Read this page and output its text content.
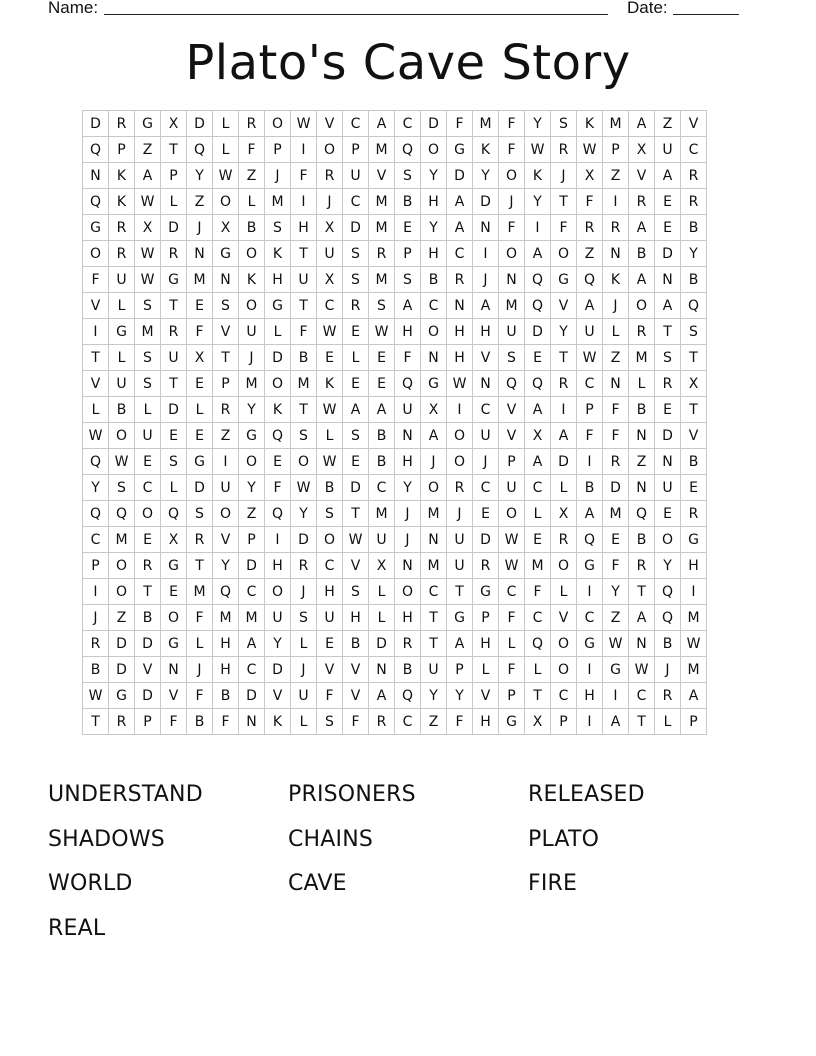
Name:	Date:
Plato's Cave Story
D	R	G	X	D	L	R	O	W	V	C	A	C	D	F	M	F	Y	S	K	M	A	Z	V
Q	P	Z	T	Q	L	F	P	I	O	P	M	Q	O	G	K	F	W	R	W	P	X	U	C
N	K	A	P	Y	W	Z	J	F	R	U	V	S	Y	D	Y	O	K	J	X	Z	V	A	R
Q	K	W	L	Z	O	L	M	I	J	C	M	B	H	A	D	J	Y	T	F	I	R	E	R
G	R	X	D	J	X	B	S	H	X	D	M	E	Y	A	N	F	I	F	R	R	A	E	B
O	R	W	R	N	G	O	K	T	U	S	R	P	H	C	I	O	A	O	Z	N	B	D	Y
F	U	W	G	M	N	K	H	U	X	S	M	S	B	R	J	N	Q	G	Q	K	A	N	B
V	L	S	T	E	S	O	G	T	C	R	S	A	C	N	A	M	Q	V	A	J	O	A	Q
I	G	M	R	F	V	U	L	F	W	E	W	H	O	H	H	U	D	Y	U	L	R	T	S
T	L	S	U	X	T	J	D	B	E	L	E	F	N	H	V	S	E	T	W	Z	M	S	T
V	U	S	T	E	P	M	O	M	K	E	E	Q	G	W	N	Q	Q	R	C	N	L	R	X
L	B	L	D	L	R	Y	K	T	W	A	A	U	X	I	C	V	A	I	P	F	B	E	T
W	O	U	E	E	Z	G	Q	S	L	S	B	N	A	O	U	V	X	A	F	F	N	D	V
Q	W	E	S	G	I	O	E	O	W	E	B	H	J	O	J	P	A	D	I	R	Z	N	B
Y	S	C	L	D	U	Y	F	W	B	D	C	Y	O	R	C	U	C	L	B	D	N	U	E
Q	Q	O	Q	S	O	Z	Q	Y	S	T	M	J	M	J	E	O	L	X	A	M	Q	E	R
C	M	E	X	R	V	P	I	D	O	W	U	J	N	U	D	W	E	R	Q	E	B	O	G
P	O	R	G	T	Y	D	H	R	C	V	X	N	M	U	R	W	M	O	G	F	R	Y	H
I	O	T	E	M	Q	C	O	J	H	S	L	O	C	T	G	C	F	L	I	Y	T	Q	I
J	Z	B	O	F	M	M	U	S	U	H	L	H	T	G	P	F	C	V	C	Z	A	Q	M
R	D	D	G	L	H	A	Y	L	E	B	D	R	T	A	H	L	Q	O	G	W	N	B	W
B	D	V	N	J	H	C	D	J	V	V	N	B	U	P	L	F	L	O	I	G	W	J	M
W	G	D	V	F	B	D	V	U	F	V	A	Q	Y	Y	V	P	T	C	H	I	C	R	A
T	R	P	F	B	F	N	K	L	S	F	R	C	Z	F	H	G	X	P	I	A	T	L	P
UNDERSTAND	PRISONERS	RELEASED
SHADOWS	CHAINS	PLATO
WORLD	CAVE	FIRE
REAL
